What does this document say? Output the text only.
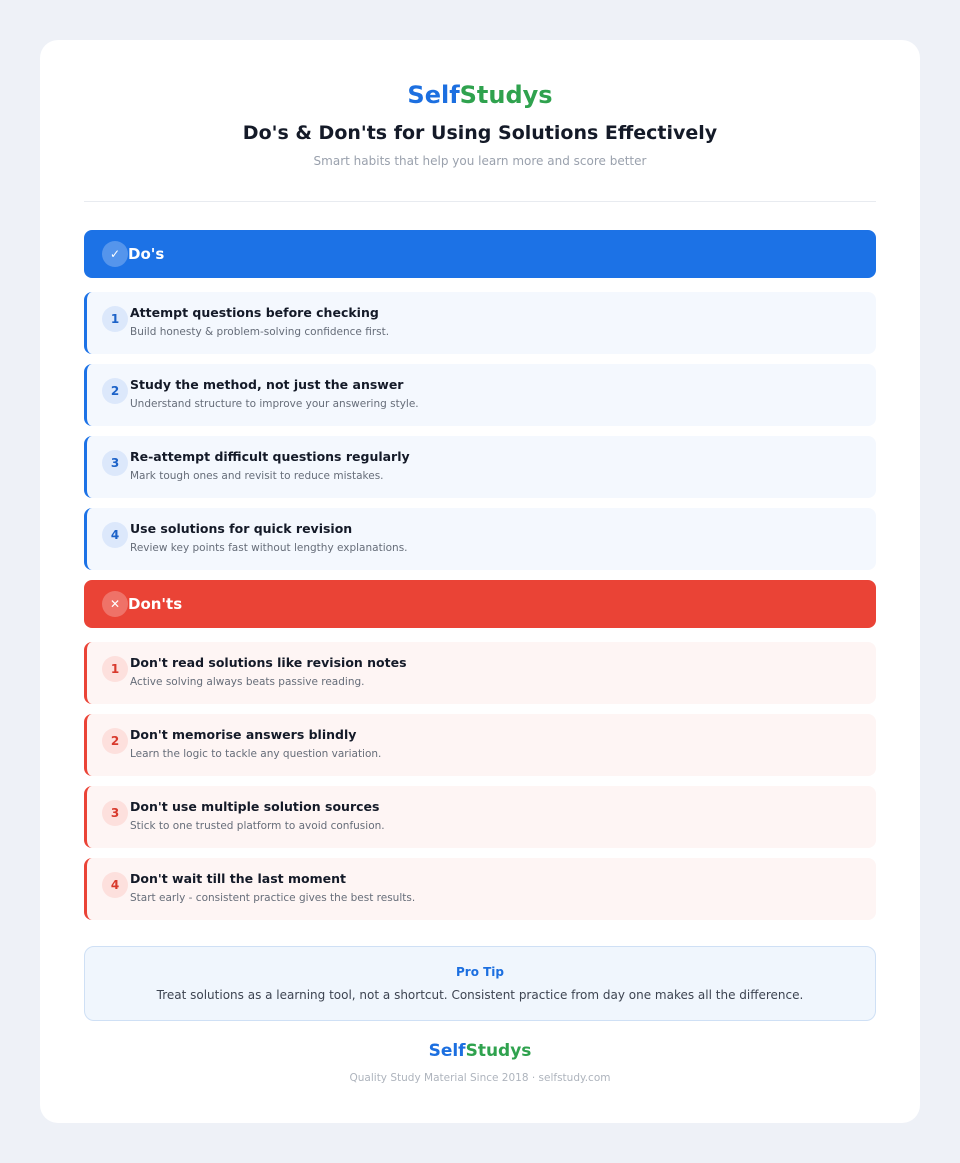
SelfStudys
Do's & Don'ts for Using Solutions Effectively
Smart habits that help you learn more and score better
✓ Do's
1 Attempt questions before checking
Build honesty & problem-solving confidence first.
2 Study the method, not just the answer
Understand structure to improve your answering style.
3 Re-attempt difficult questions regularly
Mark tough ones and revisit to reduce mistakes.
4 Use solutions for quick revision
Review key points fast without lengthy explanations.
✕ Don'ts
1 Don't read solutions like revision notes
Active solving always beats passive reading.
2 Don't memorise answers blindly
Learn the logic to tackle any question variation.
3 Don't use multiple solution sources
Stick to one trusted platform to avoid confusion.
4 Don't wait till the last moment
Start early - consistent practice gives the best results.
Pro Tip
Treat solutions as a learning tool, not a shortcut. Consistent practice from day one makes all the difference.
SelfStudys
Quality Study Material Since 2018 · selfstudy.com
